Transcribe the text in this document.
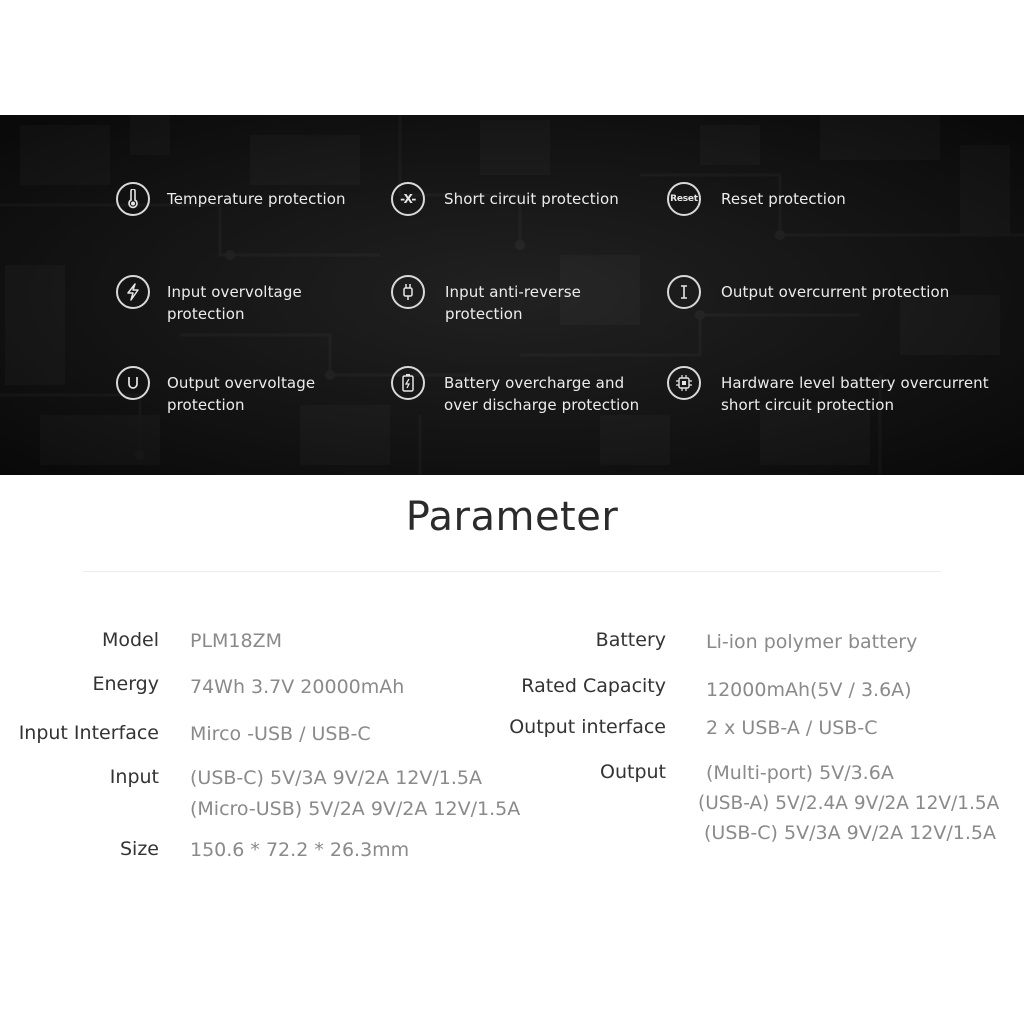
Temperature protection	-X- Short circuit protection	Reset Reset protection
Input overvoltage
protection
Input anti-reverse
protection
Output overcurrent protection
Output overvoltage
protection
Battery overcharge and
over discharge protection
Hardware level battery overcurrent
short circuit protection
Parameter
Model PLM18ZM
Energy 74Wh 3.7V 20000mAh
Input Interface Mirco -USB / USB-C
Input (USB-C) 5V/3A 9V/2A 12V/1.5A
(Micro-USB) 5V/2A 9V/2A 12V/1.5A
Size 150.6 * 72.2 * 26.3mm
Battery Li-ion polymer battery
Rated Capacity 12000mAh(5V / 3.6A)
Output interface 2 x USB-A / USB-C
Output (Multi-port) 5V/3.6A
(USB-A) 5V/2.4A 9V/2A 12V/1.5A
(USB-C) 5V/3A 9V/2A 12V/1.5A
